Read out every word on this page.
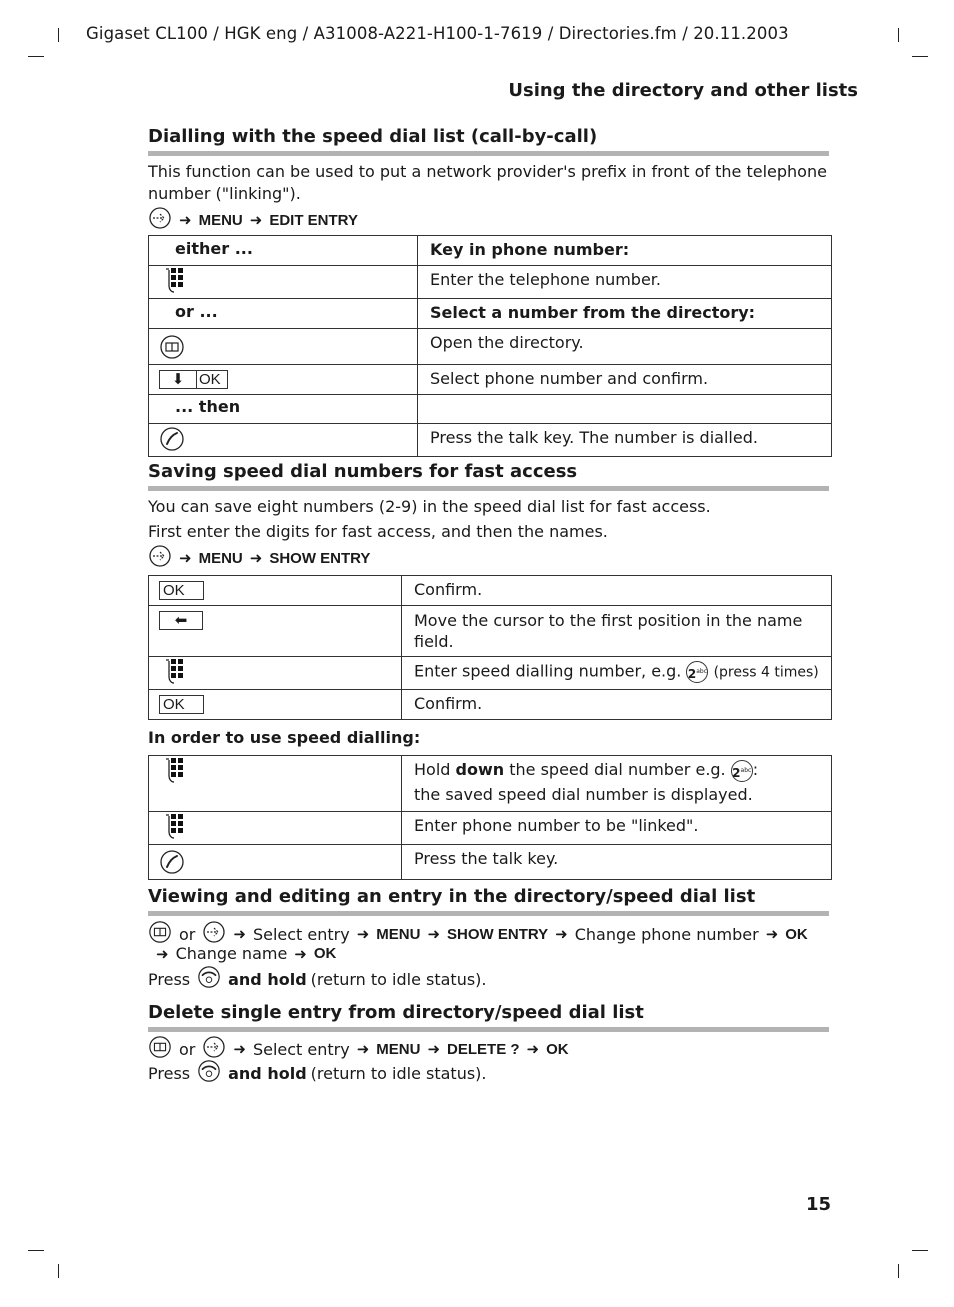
Gigaset CL100 / HGK eng / A31008-A221-H100-1-7619 / Directories.fm / 20.11.2003
Using the directory and other lists
Dialling with the speed dial list (call-by-call)
This function can be used to put a network provider's prefix in front of the telephone number ("linking").
➜ MENU ➜ EDIT ENTRY
either ...	Key in phone number:
	Enter the telephone number.
or ...	Select a number from the directory:
	Open the directory.
⬇ OK	Select phone number and confirm.
... then	
	Press the talk key. The number is dialled.
Saving speed dial numbers for fast access
You can save eight numbers (2-9) in the speed dial list for fast access.
First enter the digits for fast access, and then the names.
➜ MENU ➜ SHOW ENTRY
OK	Confirm.
⬅	Move the cursor to the first position in the name field.
	Enter speed dialling number, e.g. $2^{abc}$ (press 4 times)
OK	Confirm.
In order to use speed dialling:
	Hold down the speed dial number e.g. $2^{abc}$ :
the saved speed dial number is displayed.
	Enter phone number to be "linked".
	Press the talk key.
Viewing and editing an entry in the directory/speed dial list
or	➜ Select entry ➜ MENU ➜ SHOW ENTRY ➜ Change phone number ➜ OK
➜ Change name ➜ OK
Press and hold (return to idle status).
Delete single entry from directory/speed dial list
or	➜ Select entry ➜ MENU ➜ DELETE ? ➜ OK
Press and hold (return to idle status).
15
